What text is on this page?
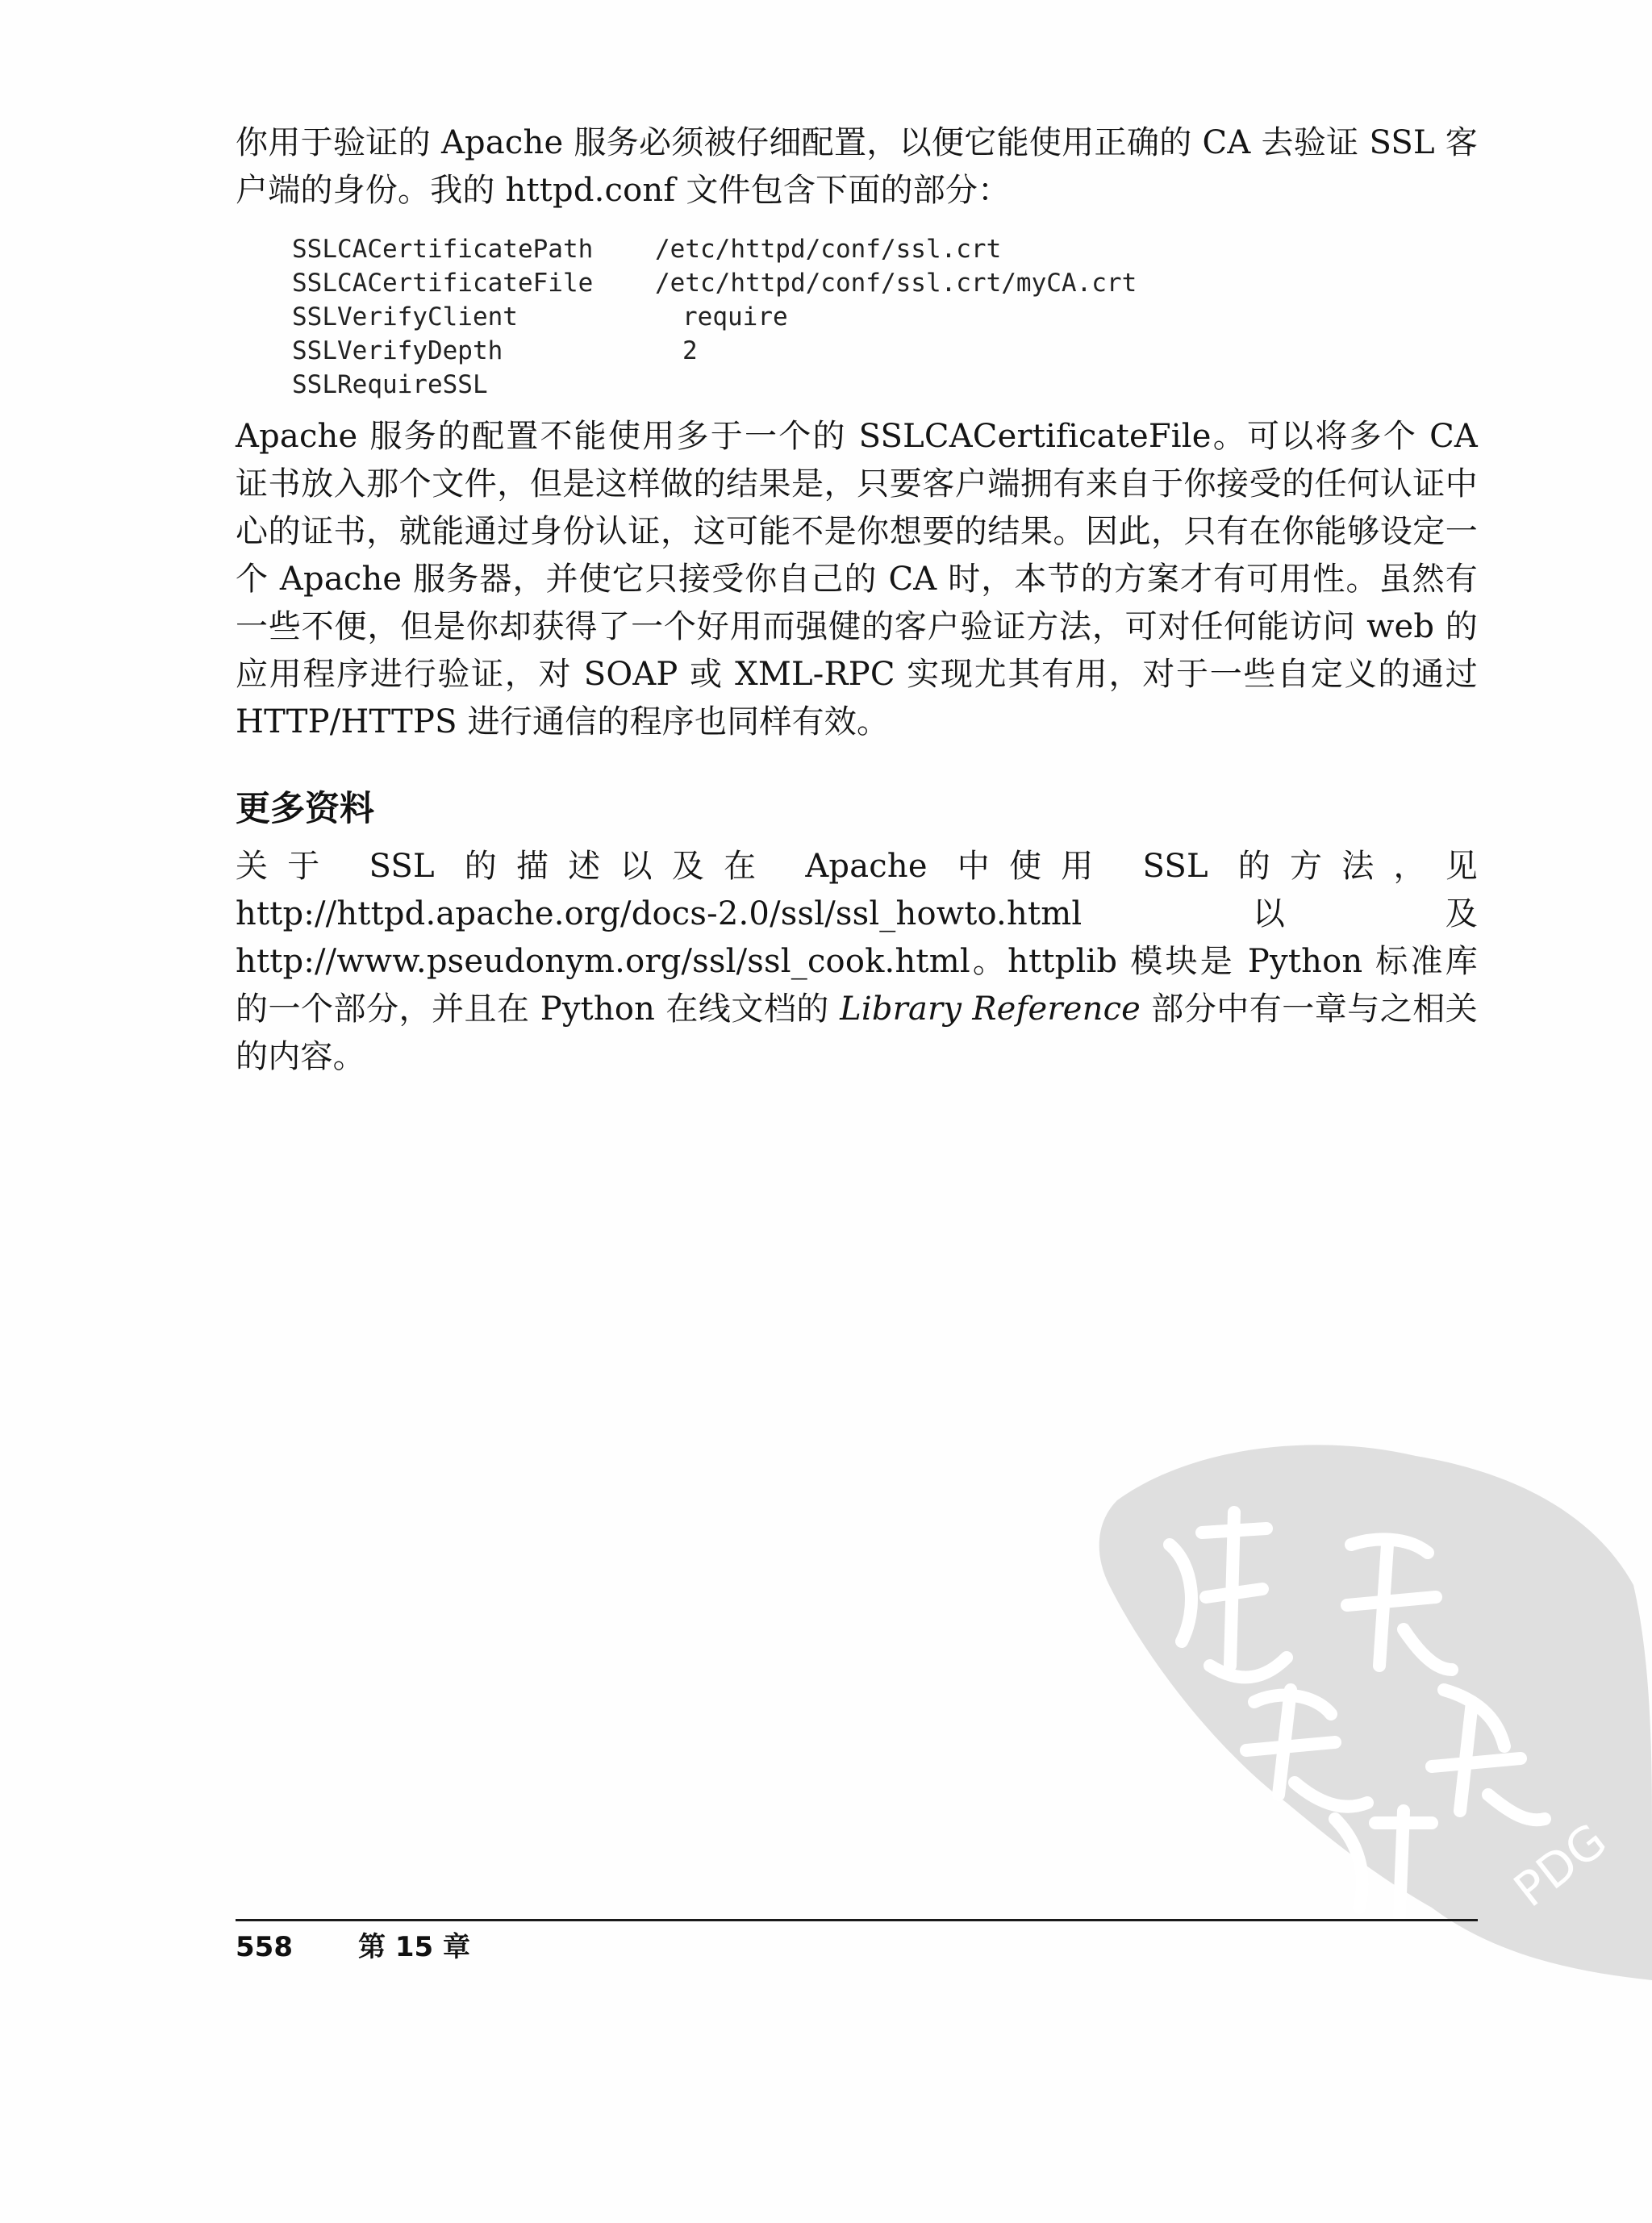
你用于验证的 Apache 服务必须被仔细配置，以便它能使用正确的 CA 去验证 SSL 客户端的身份。我的 httpd.conf 文件包含下面的部分：

SSLCACertificatePath /etc/httpd/conf/ssl.crt
SSLCACertificateFile /etc/httpd/conf/ssl.crt/myCA.crt
SSLVerifyClient	require
SSLVerifyDepth	2
SSLRequireSSL

Apache 服务的配置不能使用多于一个的 SSLCACertificateFile。可以将多个 CA 证书放入那个文件，但是这样做的结果是，只要客户端拥有来自于你接受的任何认证中心的证书，就能通过身份认证，这可能不是你想要的结果。因此，只有在你能够设定一个 Apache 服务器，并使它只接受你自己的 CA 时，本节的方案才有可用性。虽然有一些不便，但是你却获得了一个好用而强健的客户验证方法，可对任何能访问 web 的应用程序进行验证，对 SOAP 或 XML-RPC 实现尤其有用，对于一些自定义的通过 HTTP/HTTPS 进行通信的程序也同样有效。

更多资料

关于 SSL 的描述以及在 Apache 中使用 SSL 的方法，见 http://httpd.apache.org/docs-2.0/ssl/ssl_howto.html 以及 http://www.pseudonym.org/ssl/ssl_cook.html。httplib 模块是 Python 标准库的一个部分，并且在 Python 在线文档的 Library Reference 部分中有一章与之相关的内容。

PDG
558 第 15 章
